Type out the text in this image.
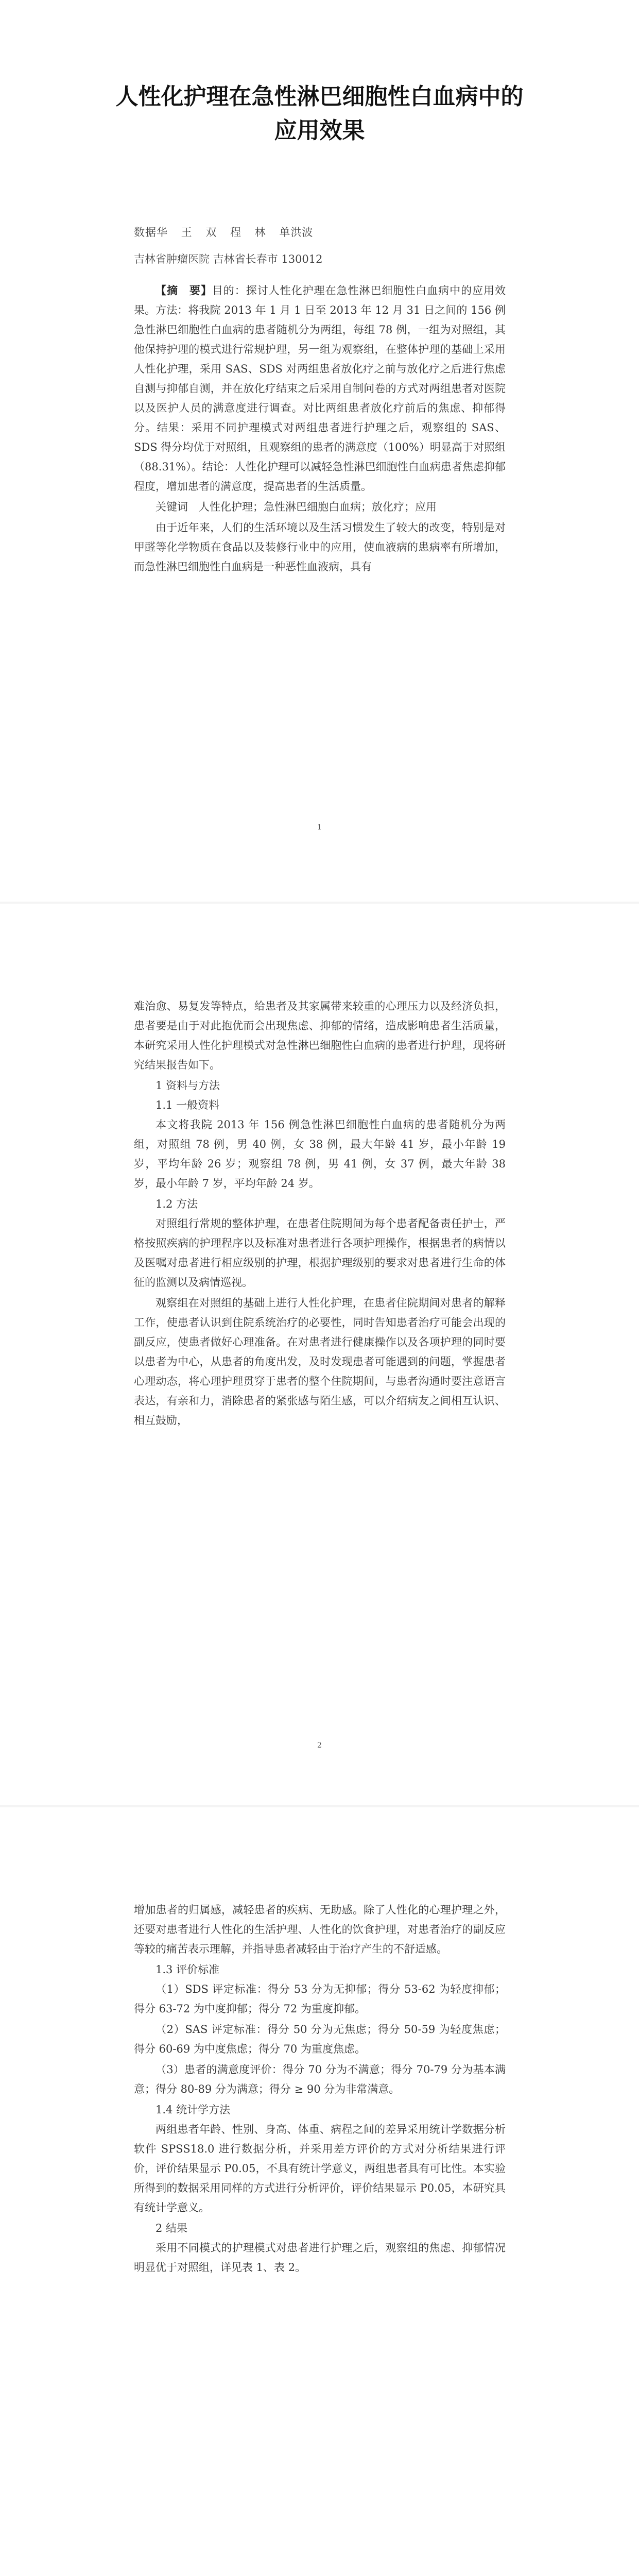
人性化护理在急性淋巴细胞性白血病中的
应用效果
数据华 王 双 程 林 单洪波
吉林省肿瘤医院 吉林省长春市 130012

【摘　要】目的：探讨人性化护理在急性淋巴细胞性白血病中的应用效果。方法：将我院 2013 年 1 月 1 日至 2013 年 12 月 31 日之间的 156 例急性淋巴细胞性白血病的患者随机分为两组，每组 78 例，一组为对照组，其他保持护理的模式进行常规护理，另一组为观察组，在整体护理的基础上采用人性化护理，采用 SAS、SDS 对两组患者放化疗之前与放化疗之后进行焦虑自测与抑郁自测，并在放化疗结束之后采用自制问卷的方式对两组患者对医院以及医护人员的满意度进行调查。对比两组患者放化疗前后的焦虑、抑郁得分。结果：采用不同护理模式对两组患者进行护理之后，观察组的 SAS、SDS 得分均优于对照组，且观察组的患者的满意度（100%）明显高于对照组（88.31%）。结论：人性化护理可以减轻急性淋巴细胞性白血病患者焦虑抑郁程度，增加患者的满意度，提高患者的生活质量。

关键词　人性化护理；急性淋巴细胞白血病；放化疗；应用

由于近年来，人们的生活环境以及生活习惯发生了较大的改变，特别是对甲醛等化学物质在食品以及装修行业中的应用，使血液病的患病率有所增加，而急性淋巴细胞性白血病是一种恶性血液病，具有

1

难治愈、易复发等特点，给患者及其家属带来较重的心理压力以及经济负担，患者要是由于对此抱优而会出现焦虑、抑郁的情绪，造成影响患者生活质量，本研究采用人性化护理模式对急性淋巴细胞性白血病的患者进行护理，现将研究结果报告如下。

1 资料与方法

1.1 一般资料

本文将我院 2013 年 156 例急性淋巴细胞性白血病的患者随机分为两组，对照组 78 例，男 40 例，女 38 例，最大年龄 41 岁，最小年龄 19 岁，平均年龄 26 岁；观察组 78 例，男 41 例，女 37 例，最大年龄 38 岁，最小年龄 7 岁，平均年龄 24 岁。

1.2 方法

对照组行常规的整体护理，在患者住院期间为每个患者配备责任护士，严格按照疾病的护理程序以及标准对患者进行各项护理操作，根据患者的病情以及医嘱对患者进行相应级别的护理，根据护理级别的要求对患者进行生命的体征的监测以及病情巡视。

观察组在对照组的基础上进行人性化护理，在患者住院期间对患者的解释工作，使患者认识到住院系统治疗的必要性，同时告知患者治疗可能会出现的副反应，使患者做好心理准备。在对患者进行健康操作以及各项护理的同时要以患者为中心，从患者的角度出发，及时发现患者可能遇到的问题，掌握患者心理动态，将心理护理贯穿于患者的整个住院期间，与患者沟通时要注意语言表达，有亲和力，消除患者的紧张感与陌生感，可以介绍病友之间相互认识、相互鼓励，

增加患者的归属感，减轻患者的疾病、无助感。除了人性化的心理护理之外，还要对患者进行人性化的生活护理、人性化的饮食护理，对患者治疗的副反应等较的痛苦表示理解，并指导患者减轻由于治疗产生的不舒适感。

1.3 评价标准

（1）SDS 评定标准：得分 53 分为无抑郁；得分 53-62 为轻度抑郁；得分 63-72 为中度抑郁；得分 72 为重度抑郁。

（2）SAS 评定标准：得分 50 分为无焦虑；得分 50-59 为轻度焦虑；得分 60-69 为中度焦虑；得分 70 为重度焦虑。

（3）患者的满意度评价：得分 70 分为不满意；得分 70-79 分为基本满意；得分 80-89 分为满意；得分 ≥ 90 分为非常满意。

1.4 统计学方法

两组患者年龄、性别、身高、体重、病程之间的差异采用统计学数据分析软件 SPSS18.0 进行数据分析，并采用差方评价的方式对分析结果进行评价，评价结果显示 P0.05，不具有统计学意义，两组患者具有可比性。本实验所得到的数据采用同样的方式进行分析评价，评价结果显示 P0.05，本研究具有统计学意义。

2 结果

采用不同模式的护理模式对患者进行护理之后，观察组的焦虑、抑郁情况明显优于对照组，详见表 1、表 2。

2
